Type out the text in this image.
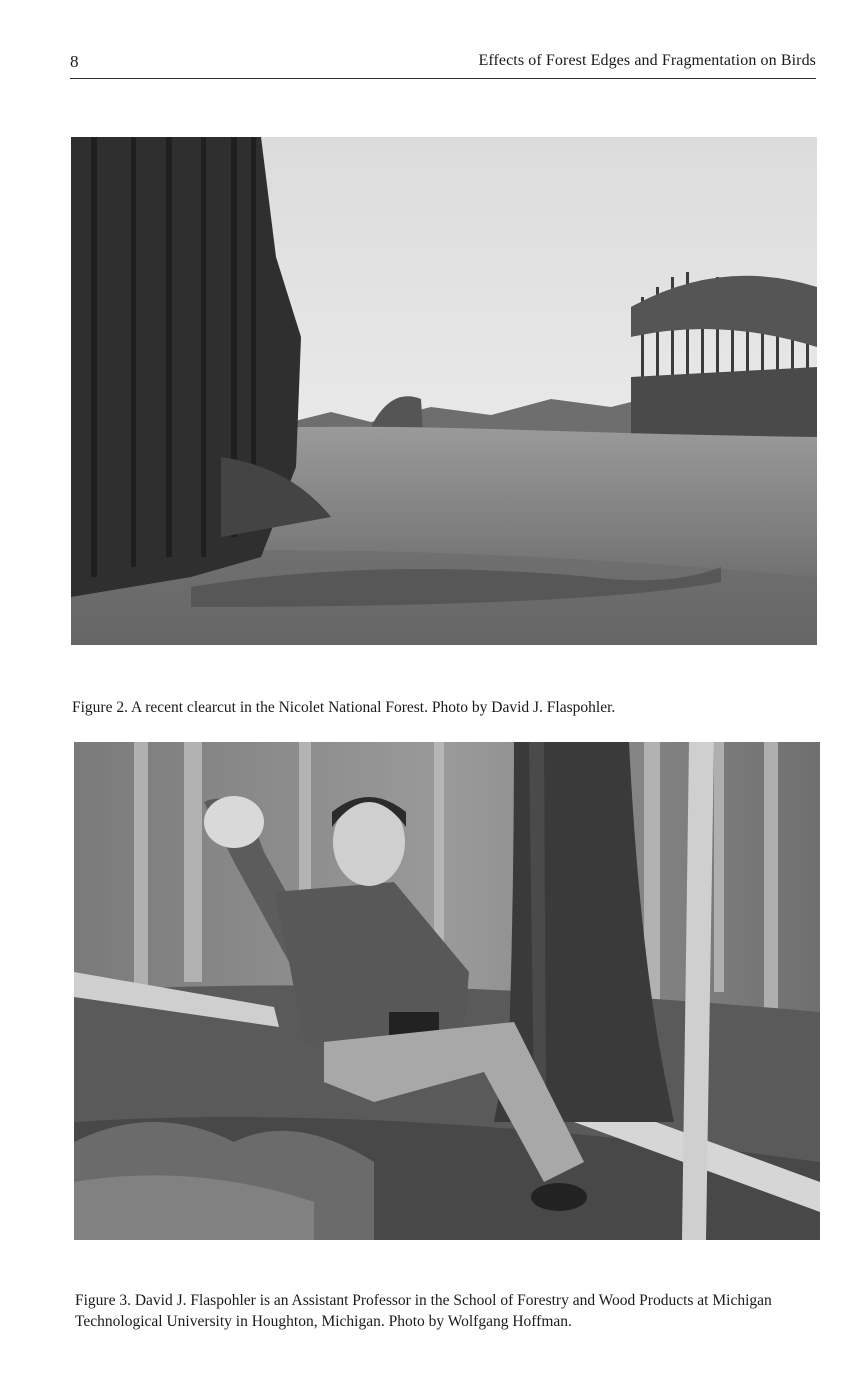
8	Effects of Forest Edges and Fragmentation on Birds

Figure 2. A recent clearcut in the Nicolet National Forest. Photo by David J. Flaspohler.

Figure 3. David J. Flaspohler is an Assistant Professor in the School of Forestry and Wood Products at Michigan Technological University in Houghton, Michigan. Photo by Wolfgang Hoffman.
